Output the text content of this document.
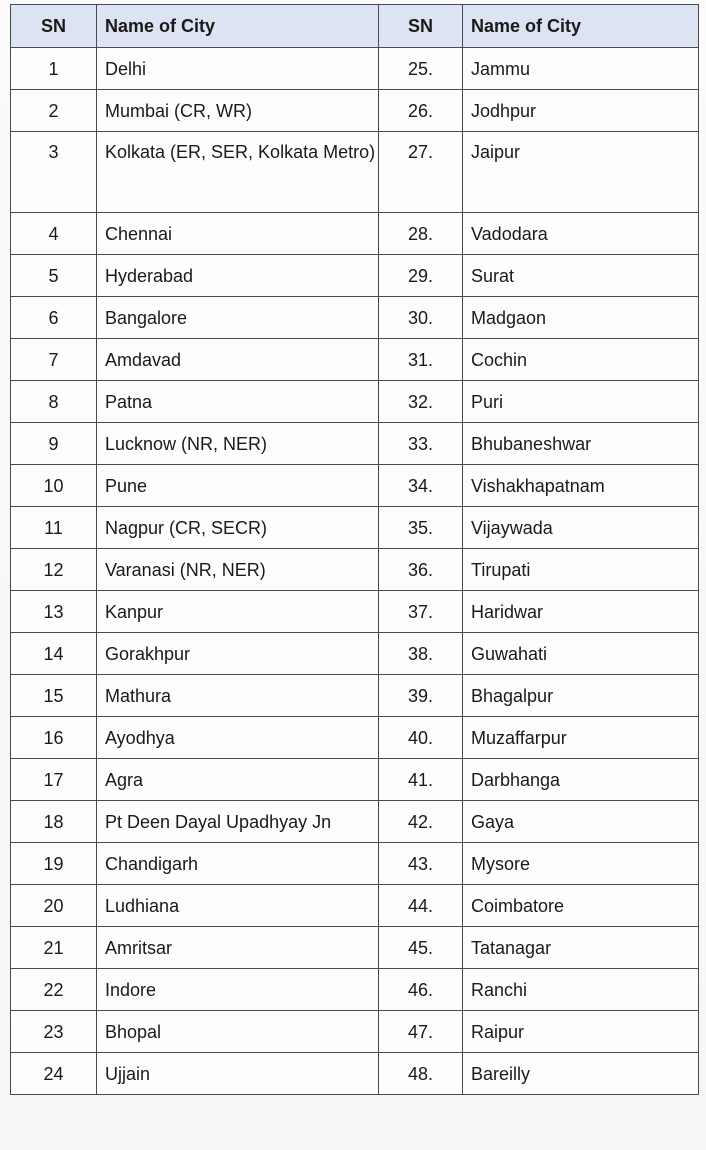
SN	Name of City	SN	Name of City
1	Delhi	25.	Jammu
2	Mumbai (CR, WR)	26.	Jodhpur
3	Kolkata (ER, SER, Kolkata Metro)	27.	Jaipur
4	Chennai	28.	Vadodara
5	Hyderabad	29.	Surat
6	Bangalore	30.	Madgaon
7	Amdavad	31.	Cochin
8	Patna	32.	Puri
9	Lucknow (NR, NER)	33.	Bhubaneshwar
10	Pune	34.	Vishakhapatnam
11	Nagpur (CR, SECR)	35.	Vijaywada
12	Varanasi (NR, NER)	36.	Tirupati
13	Kanpur	37.	Haridwar
14	Gorakhpur	38.	Guwahati
15	Mathura	39.	Bhagalpur
16	Ayodhya	40.	Muzaffarpur
17	Agra	41.	Darbhanga
18	Pt Deen Dayal Upadhyay Jn	42.	Gaya
19	Chandigarh	43.	Mysore
20	Ludhiana	44.	Coimbatore
21	Amritsar	45.	Tatanagar
22	Indore	46.	Ranchi
23	Bhopal	47.	Raipur
24	Ujjain	48.	Bareilly
